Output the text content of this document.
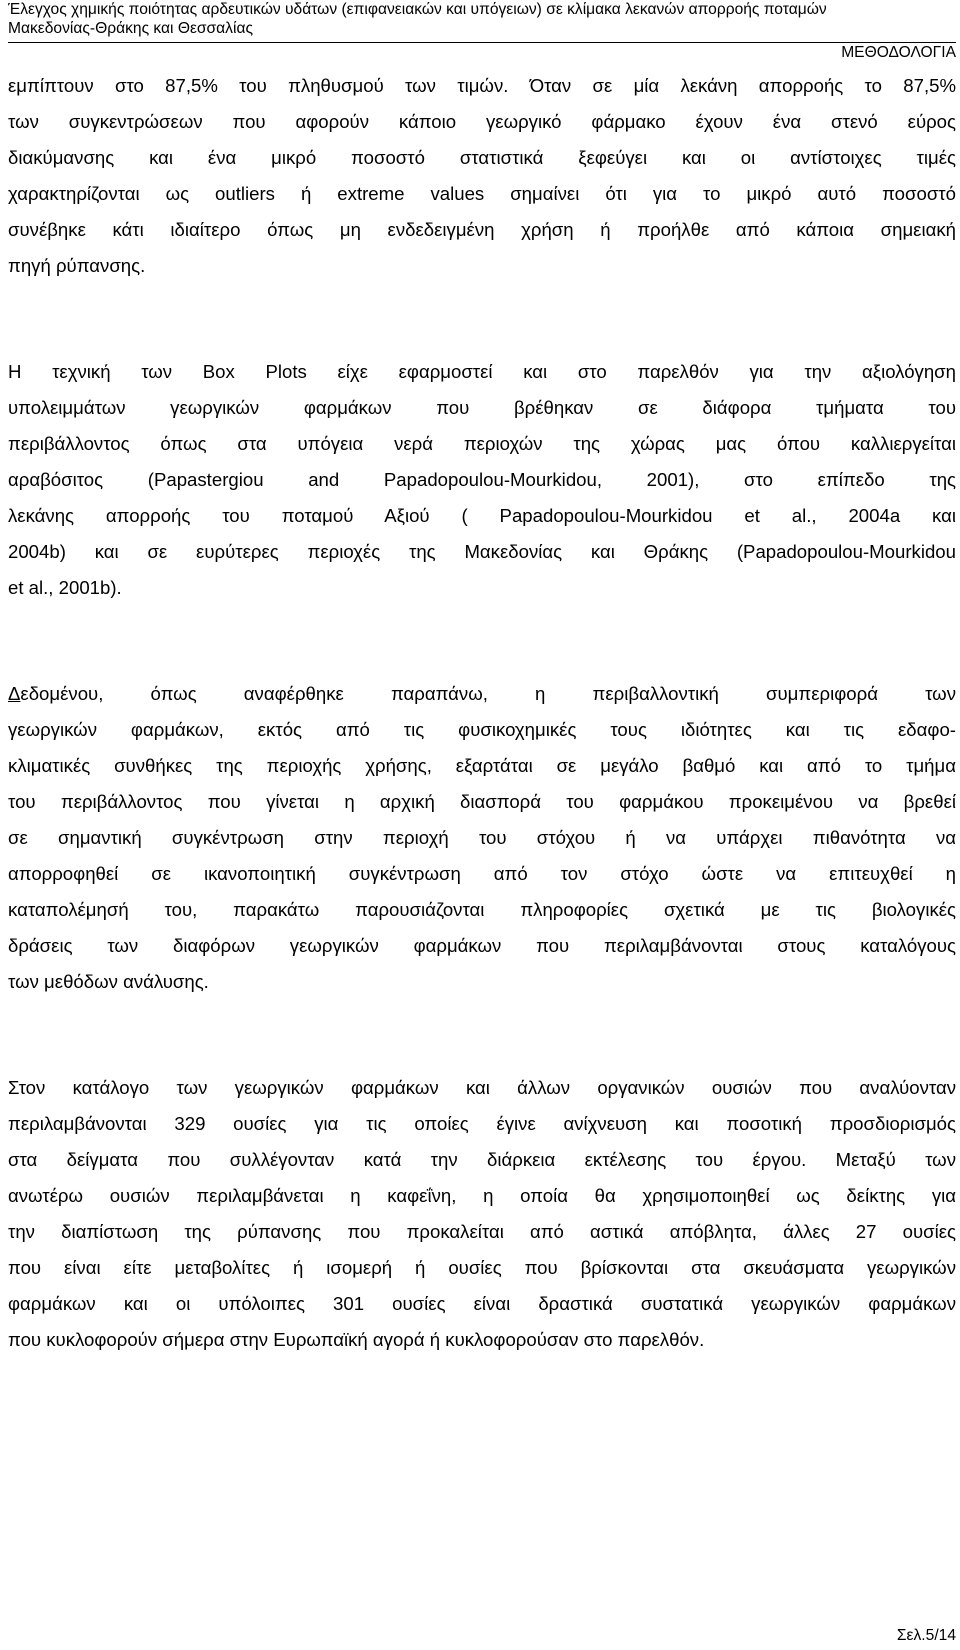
Έλεγχος χημικής ποιότητας αρδευτικών υδάτων (επιφανειακών και υπόγειων) σε κλίμακα λεκανών απορροής ποταμών
Μακεδονίας-Θράκης και Θεσσαλίας
ΜΕΘΟΔΟΛΟΓΙΑ

εμπίπτουν στο 87,5% του πληθυσμού των τιμών. Όταν σε μία λεκάνη απορροής το 87,5%
των συγκεντρώσεων που αφορούν κάποιο γεωργικό φάρμακο έχουν ένα στενό εύρος
διακύμανσης και ένα μικρό ποσοστό στατιστικά ξεφεύγει και οι αντίστοιχες τιμές
χαρακτηρίζονται ως outliers ή extreme values σημαίνει ότι για το μικρό αυτό ποσοστό
συνέβηκε κάτι ιδιαίτερο όπως μη ενδεδειγμένη χρήση ή προήλθε από κάποια σημειακή
πηγή ρύπανσης.

Η τεχνική των Box Plots είχε εφαρμοστεί και στο παρελθόν για την αξιολόγηση
υπολειμμάτων γεωργικών φαρμάκων που βρέθηκαν σε διάφορα τμήματα του
περιβάλλοντος όπως στα υπόγεια νερά περιοχών της χώρας μας όπου καλλιεργείται
αραβόσιτος (Papastergiou and Papadopoulou-Mourkidou, 2001), στο επίπεδο της
λεκάνης απορροής του ποταμού Αξιού ( Papadopoulou-Mourkidou et al., 2004a και
2004b) και σε ευρύτερες περιοχές της Μακεδονίας και Θράκης (Papadopoulou-Mourkidou
et al., 2001b).

Δεδομένου, όπως αναφέρθηκε παραπάνω, η περιβαλλοντική συμπεριφορά των
γεωργικών φαρμάκων, εκτός από τις φυσικοχημικές τους ιδιότητες και τις εδαφο-
κλιματικές συνθήκες της περιοχής χρήσης, εξαρτάται σε μεγάλο βαθμό και από το τμήμα
του περιβάλλοντος που γίνεται η αρχική διασπορά του φαρμάκου προκειμένου να βρεθεί
σε σημαντική συγκέντρωση στην περιοχή του στόχου ή να υπάρχει πιθανότητα να
απορροφηθεί σε ικανοποιητική συγκέντρωση από τον στόχο ώστε να επιτευχθεί η
καταπολέμησή του, παρακάτω παρουσιάζονται πληροφορίες σχετικά με τις βιολογικές
δράσεις των διαφόρων γεωργικών φαρμάκων που περιλαμβάνονται στους καταλόγους
των μεθόδων ανάλυσης.

Στον κατάλογο των γεωργικών φαρμάκων και άλλων οργανικών ουσιών που αναλύονταν
περιλαμβάνονται 329 ουσίες για τις οποίες έγινε ανίχνευση και ποσοτική προσδιορισμός
στα δείγματα που συλλέγονταν κατά την διάρκεια εκτέλεσης του έργου. Μεταξύ των
ανωτέρω ουσιών περιλαμβάνεται η καφεΐνη, η οποία θα χρησιμοποιηθεί ως δείκτης για
την διαπίστωση της ρύπανσης που προκαλείται από αστικά απόβλητα, άλλες 27 ουσίες
που είναι είτε μεταβολίτες ή ισομερή ή ουσίες που βρίσκονται στα σκευάσματα γεωργικών
φαρμάκων και οι υπόλοιπες 301 ουσίες είναι δραστικά συστατικά γεωργικών φαρμάκων
που κυκλοφορούν σήμερα στην Ευρωπαϊκή αγορά ή κυκλοφορούσαν στο παρελθόν.

Σελ.5/14
